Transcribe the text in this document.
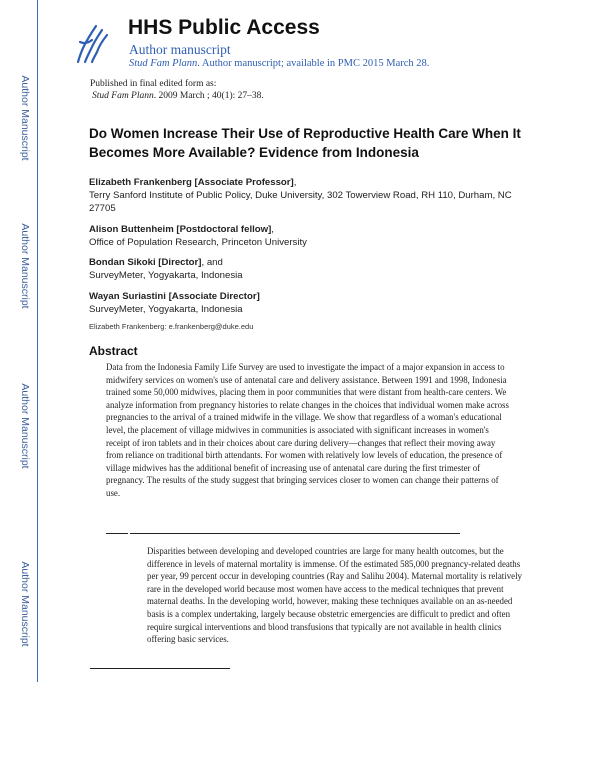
Author Manuscript
Author Manuscript
Author Manuscript
Author Manuscript
HHS Public Access
Author manuscript
Stud Fam Plann. Author manuscript; available in PMC 2015 March 28.
Published in final edited form as:
Stud Fam Plann. 2009 March ; 40(1): 27–38.
Do Women Increase Their Use of Reproductive Health Care When It Becomes More Available? Evidence from Indonesia
Elizabeth Frankenberg [Associate Professor],
Terry Sanford Institute of Public Policy, Duke University, 302 Towerview Road, RH 110, Durham, NC 27705
Alison Buttenheim [Postdoctoral fellow],
Office of Population Research, Princeton University
Bondan Sikoki [Director], and
SurveyMeter, Yogyakarta, Indonesia
Wayan Suriastini [Associate Director]
SurveyMeter, Yogyakarta, Indonesia
Elizabeth Frankenberg: e.frankenberg@duke.edu
Abstract
Data from the Indonesia Family Life Survey are used to investigate the impact of a major expansion in access to midwifery services on women's use of antenatal care and delivery assistance. Between 1991 and 1998, Indonesia trained some 50,000 midwives, placing them in poor communities that were distant from health-care centers. We analyze information from pregnancy histories to relate changes in the choices that individual women make across pregnancies to the arrival of a trained midwife in the village. We show that regardless of a woman's educational level, the placement of village midwives in communities is associated with significant increases in women's receipt of iron tablets and in their choices about care during delivery—changes that reflect their moving away from reliance on traditional birth attendants. For women with relatively low levels of education, the presence of village midwives has the additional benefit of increasing use of antenatal care during the first trimester of pregnancy. The results of the study suggest that bringing services closer to women can change their patterns of use.
Disparities between developing and developed countries are large for many health outcomes, but the difference in levels of maternal mortality is immense. Of the estimated 585,000 pregnancy-related deaths per year, 99 percent occur in developing countries (Ray and Salihu 2004). Maternal mortality is relatively rare in the developed world because most women have access to the medical techniques that prevent maternal deaths. In the developing world, however, making these techniques available on an as-needed basis is a complex undertaking, largely because obstetric emergencies are difficult to predict and often require surgical interventions and blood transfusions that typically are not available in health clinics offering basic services.
